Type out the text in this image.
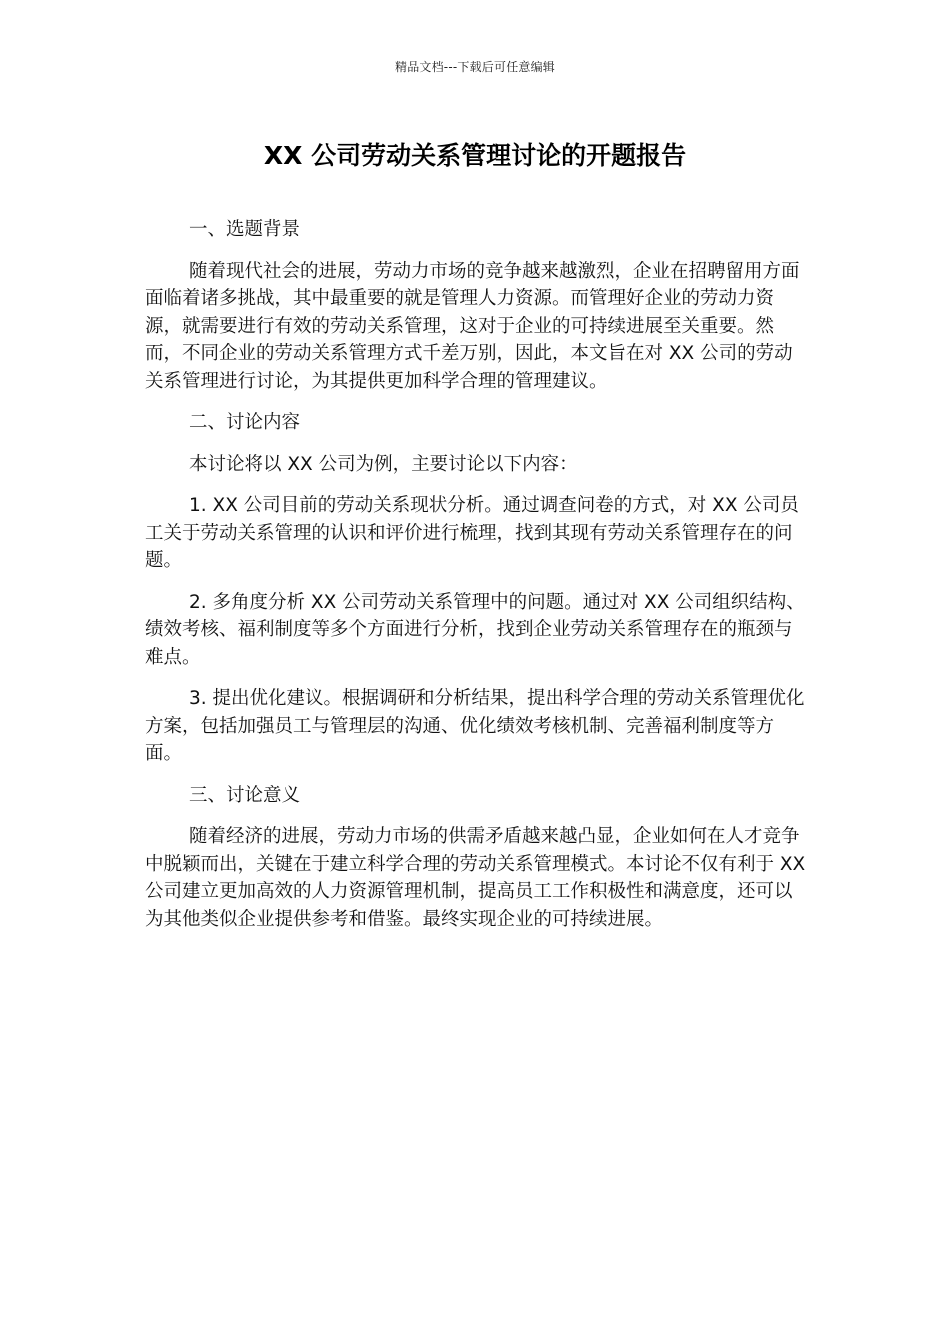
精品文档---下载后可任意编辑
XX 公司劳动关系管理讨论的开题报告

一、选题背景

随着现代社会的进展，劳动力市场的竞争越来越激烈，企业在招聘留用方面面临着诸多挑战，其中最重要的就是管理人力资源。而管理好企业的劳动力资源，就需要进行有效的劳动关系管理，这对于企业的可持续进展至关重要。然而，不同企业的劳动关系管理方式千差万别，因此，本文旨在对 XX 公司的劳动关系管理进行讨论，为其提供更加科学合理的管理建议。

二、讨论内容

本讨论将以 XX 公司为例，主要讨论以下内容：

1. XX 公司目前的劳动关系现状分析。通过调查问卷的方式，对 XX 公司员工关于劳动关系管理的认识和评价进行梳理，找到其现有劳动关系管理存在的问题。

2. 多角度分析 XX 公司劳动关系管理中的问题。通过对 XX 公司组织结构、绩效考核、福利制度等多个方面进行分析，找到企业劳动关系管理存在的瓶颈与难点。

3. 提出优化建议。根据调研和分析结果，提出科学合理的劳动关系管理优化方案，包括加强员工与管理层的沟通、优化绩效考核机制、完善福利制度等方面。

三、讨论意义

随着经济的进展，劳动力市场的供需矛盾越来越凸显，企业如何在人才竞争中脱颖而出，关键在于建立科学合理的劳动关系管理模式。本讨论不仅有利于 XX 公司建立更加高效的人力资源管理机制，提高员工工作积极性和满意度，还可以为其他类似企业提供参考和借鉴。最终实现企业的可持续进展。
